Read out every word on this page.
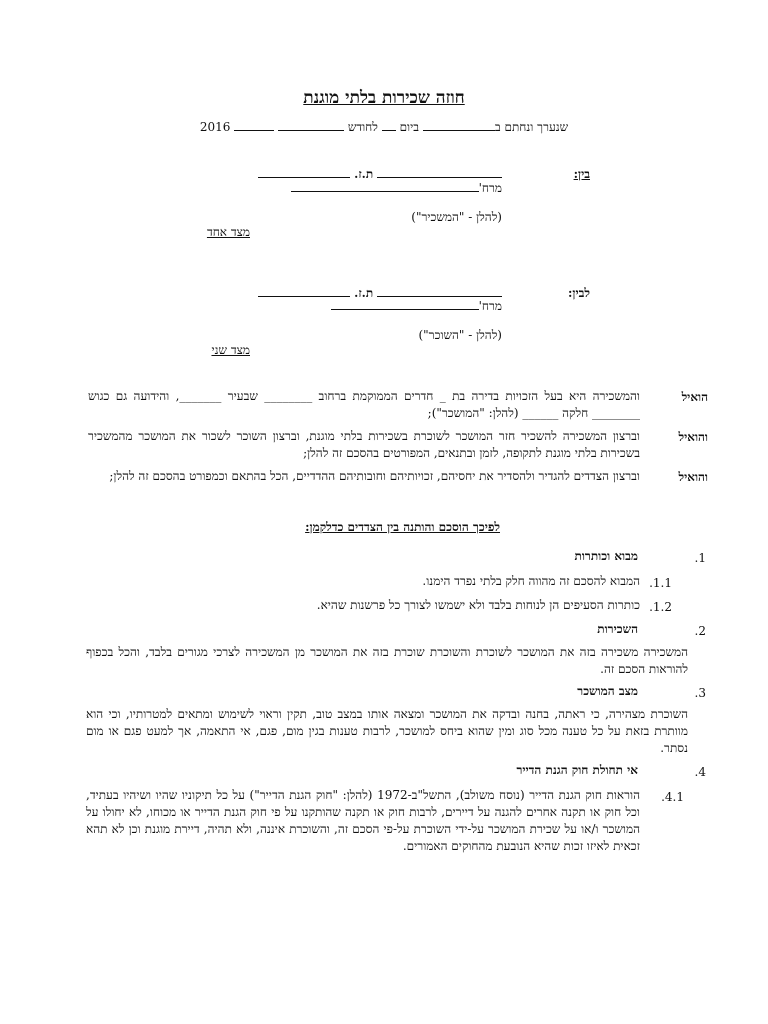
חוזה שכירות בלתי מוגנת
שנערך ונחתם ב ביום  לחודש   2016
בין:
ת.ז.
מרח'
(להלן - "המשכיר")
מצד אחד
לבין:
ת.ז.
מרח'
(להלן - "השוכר")
מצד שני
הואיל
והמשכירה היא בעל הזכויות בדירה בת _ חדרים הממוקמת ברחוב ________ שבעיר _______, והידועה גם כגוש ________ חלקה ______ (להלן: "המושכר");
והואיל
וברצון המשכירה להשכיר חזר המושכר לשוכרת בשכירות בלתי מוגנת, וברצון השוכר לשכור את המושכר מהמשכיר בשכירות בלתי מוגנת לתקופה, לזמן ובתנאים, המפורטים בהסכם זה להלן;
והואיל
וברצון הצדדים להגדיר ולהסדיר את יחסיהם, זכויותיהם וחובותיהם ההדדיים, הכל בהתאם וכמפורט בהסכם זה להלן;
לפיכך הוסכם והותנה בין הצדדים כדלקמן:
1.
מבוא וכותרות
1.1.
המבוא להסכם זה מהווה חלק בלתי נפרד הימנו.
1.2.
כותרות הסעיפים הן לנוחות בלבד ולא ישמשו לצורך כל פרשנות שהיא.
2.
השכירות
המשכירה משכירה בזה את המושכר לשוכרת והשוכרת שוכרת בזה את המושכר מן המשכירה לצרכי מגורים בלבד, והכל בכפוף להוראות הסכם זה.
3.
מצב המושכר
השוכרת מצהירה, כי ראתה, בחנה ובדקה את המושכר ומצאה אותו במצב טוב, תקין וראוי לשימוש ומתאים למטרותיו, וכי הוא מוותרת בזאת על כל טענה מכל סוג ומין שהוא ביחס למושכר, לרבות טענות בגין מום, פגם, אי התאמה, אך למעט פגם או מום נסתר.
4.
אי תחולת חוק הגנת הדייר
4.1.
הוראות חוק הגנת הדייר (נוסח משולב), התשל"ב-1972 (להלן: "חוק הגנת הדייר") על כל תיקוניו שהיו ושיהיו בעתיד, וכל חוק או תקנה אחרים להגנה על דיירים, לרבות חוק או תקנה שהותקנו על פי חוק הגנת הדייר או מכוחו, לא יחולו על המושכר ו/או על שכירת המושכר על-ידי השוכרת על-פי הסכם זה, והשוכרת איננה, ולא תהיה, דיירת מוגנת וכן לא תהא זכאית לאיזו זכות שהיא הנובעת מהחוקים האמורים.
